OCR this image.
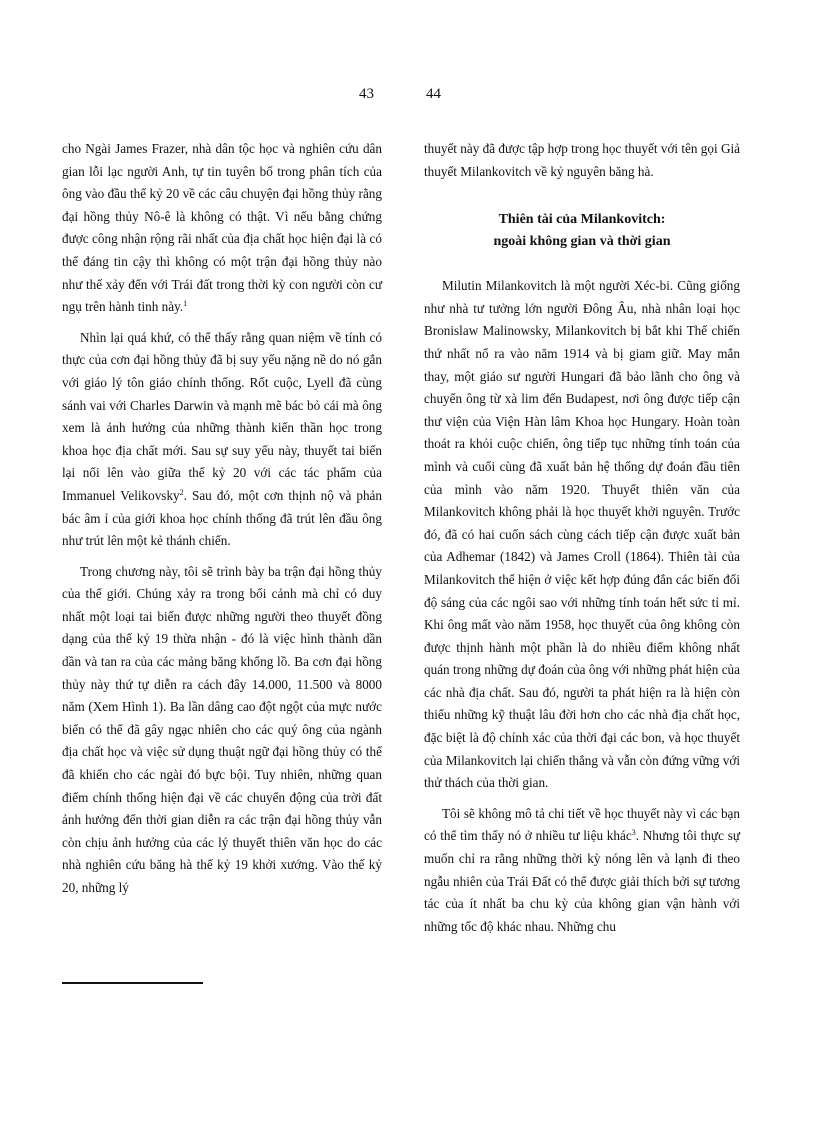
43	44

cho Ngài James Frazer, nhà dân tộc học và nghiên cứu dân gian lỗi lạc người Anh, tự tin tuyên bố trong phân tích của ông vào đầu thế kỷ 20 về các câu chuyện đại hồng thủy rằng đại hồng thủy Nô-ê là không có thật. Vì nếu bằng chứng được công nhận rộng rãi nhất của địa chất học hiện đại là có thể đáng tin cậy thì không có một trận đại hồng thủy nào như thế xảy đến với Trái đất trong thời kỳ con người còn cư ngụ trên hành tinh này.$^1$

Nhìn lại quá khứ, có thể thấy rằng quan niệm về tính có thực của cơn đại hồng thủy đã bị suy yếu nặng nề do nó gắn với giáo lý tôn giáo chính thống. Rốt cuộc, Lyell đã cùng sánh vai với Charles Darwin và mạnh mẽ bác bỏ cái mà ông xem là ảnh hưởng của những thành kiến thần học trong khoa học địa chất mới. Sau sự suy yếu này, thuyết tai biến lại nổi lên vào giữa thế kỷ 20 với các tác phẩm của Immanuel Velikovsky$^2$. Sau đó, một cơn thịnh nộ và phản bác âm ỉ của giới khoa học chính thống đã trút lên đầu ông như trút lên một kẻ thánh chiến.

Trong chương này, tôi sẽ trình bày ba trận đại hồng thủy của thế giới. Chúng xảy ra trong bối cảnh mà chỉ có duy nhất một loại tai biến được những người theo thuyết đồng dạng của thế kỷ 19 thừa nhận - đó là việc hình thành dần dần và tan ra của các mảng băng khổng lồ. Ba cơn đại hồng thủy này thứ tự diễn ra cách đây 14.000, 11.500 và 8000 năm (Xem Hình 1). Ba lần dâng cao đột ngột của mực nước biển có thể đã gây ngạc nhiên cho các quý ông của ngành địa chất học và việc sử dụng thuật ngữ đại hồng thủy có thể đã khiến cho các ngài đó bực bội. Tuy nhiên, những quan điểm chính thống hiện đại về các chuyển động của trời đất ảnh hưởng đến thời gian diễn ra các trận đại hồng thủy vẫn còn chịu ảnh hưởng của các lý thuyết thiên văn học do các nhà nghiên cứu băng hà thế kỷ 19 khởi xướng. Vào thế kỷ 20, những lý

thuyết này đã được tập hợp trong học thuyết với tên gọi Giả thuyết Milankovitch về kỷ nguyên băng hà.

Thiên tài của Milankovitch:
ngoài không gian và thời gian

Milutin Milankovitch là một người Xéc-bi. Cũng giống như nhà tư tưởng lớn người Đông Âu, nhà nhân loại học Bronislaw Malinowsky, Milankovitch bị bắt khi Thế chiến thứ nhất nổ ra vào năm 1914 và bị giam giữ. May mắn thay, một giáo sư người Hungari đã bảo lãnh cho ông và chuyển ông từ xà lim đến Budapest, nơi ông được tiếp cận thư viện của Viện Hàn lâm Khoa học Hungary. Hoàn toàn thoát ra khỏi cuộc chiến, ông tiếp tục những tính toán của mình và cuối cùng đã xuất bản hệ thống dự đoán đầu tiên của mình vào năm 1920. Thuyết thiên văn của Milankovitch không phải là học thuyết khởi nguyên. Trước đó, đã có hai cuốn sách cùng cách tiếp cận được xuất bản của Adhemar (1842) và James Croll (1864). Thiên tài của Milankovitch thể hiện ở việc kết hợp đúng đắn các biến đổi độ sáng của các ngôi sao với những tính toán hết sức tỉ mỉ. Khi ông mất vào năm 1958, học thuyết của ông không còn được thịnh hành một phần là do nhiều điểm không nhất quán trong những dự đoán của ông với những phát hiện của các nhà địa chất. Sau đó, người ta phát hiện ra là hiện còn thiếu những kỹ thuật lâu đời hơn cho các nhà địa chất học, đặc biệt là độ chính xác của thời đại các bon, và học thuyết của Milankovitch lại chiến thắng và vẫn còn đứng vững với thử thách của thời gian.

Tôi sẽ không mô tả chi tiết về học thuyết này vì các bạn có thể tìm thấy nó ở nhiều tư liệu khác$^3$. Nhưng tôi thực sự muốn chỉ ra rằng những thời kỳ nóng lên và lạnh đi theo ngẫu nhiên của Trái Đất có thể được giải thích bởi sự tương tác của ít nhất ba chu kỳ của không gian vận hành với những tốc độ khác nhau. Những chu
